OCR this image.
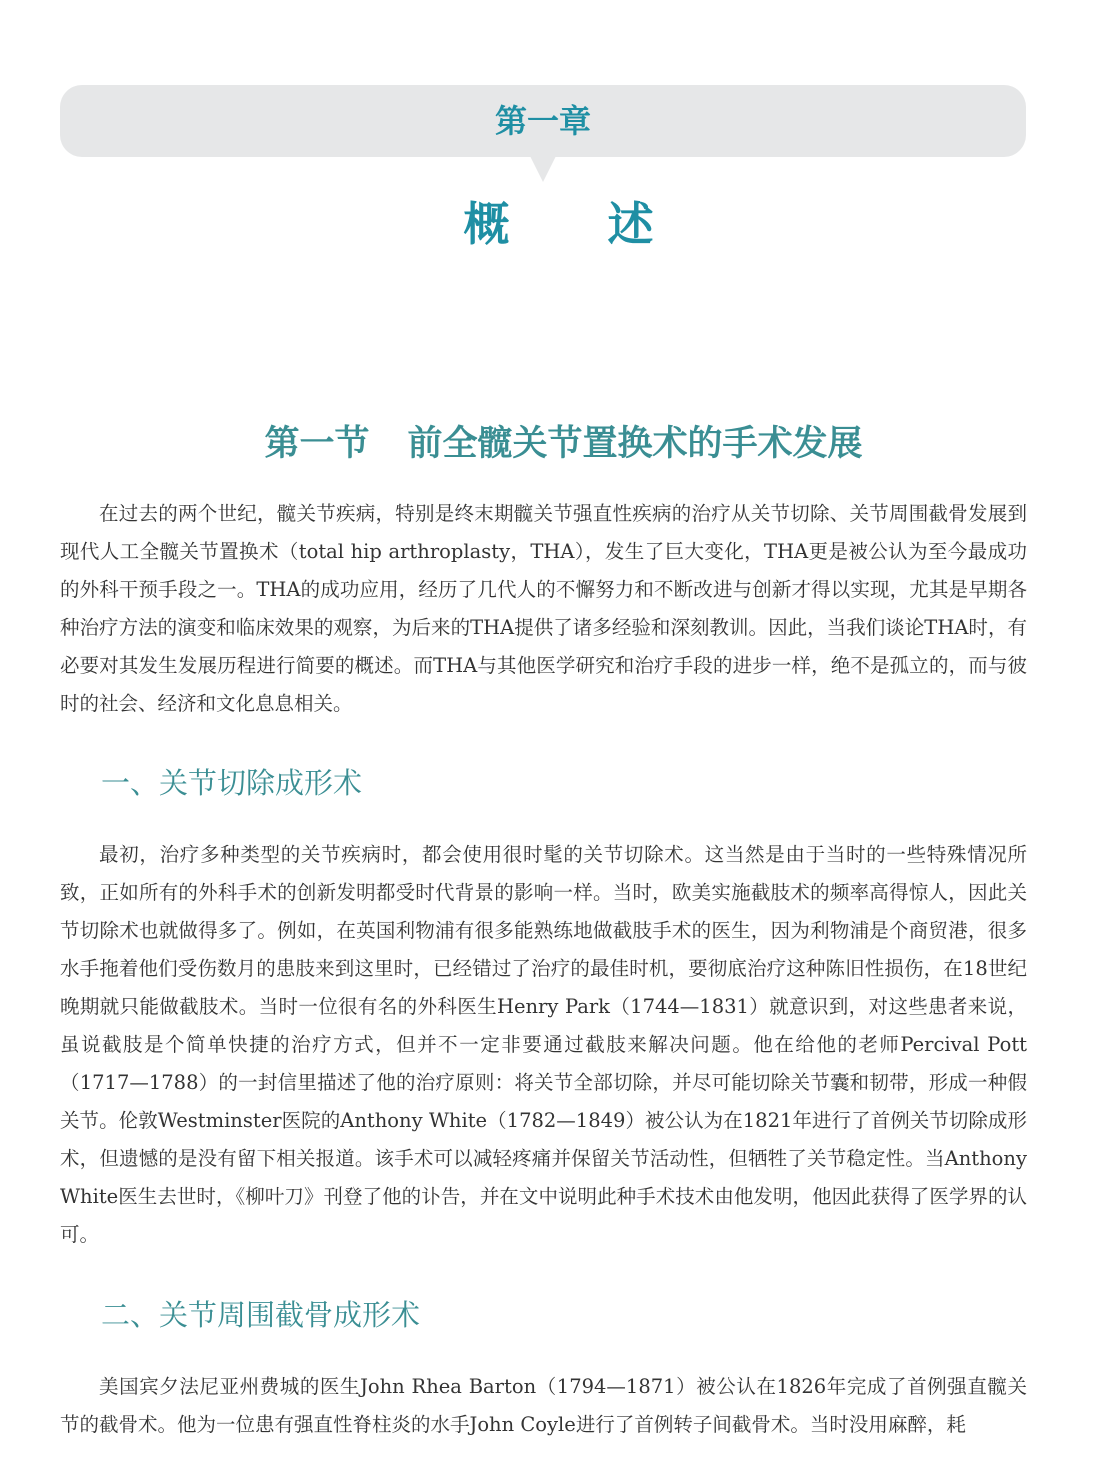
第一章
概 述
第一节 前全髋关节置换术的手术发展

在过去的两个世纪，髋关节疾病，特别是终末期髋关节强直性疾病的治疗从关节切除、关节周围截骨发展到现代人工全髋关节置换术（total hip arthroplasty，THA），发生了巨大变化，THA更是被公认为至今最成功的外科干预手段之一。THA的成功应用，经历了几代人的不懈努力和不断改进与创新才得以实现，尤其是早期各种治疗方法的演变和临床效果的观察，为后来的THA提供了诸多经验和深刻教训。因此，当我们谈论THA时，有必要对其发生发展历程进行简要的概述。而THA与其他医学研究和治疗手段的进步一样，绝不是孤立的，而与彼时的社会、经济和文化息息相关。

一、关节切除成形术

最初，治疗多种类型的关节疾病时，都会使用很时髦的关节切除术。这当然是由于当时的一些特殊情况所致，正如所有的外科手术的创新发明都受时代背景的影响一样。当时，欧美实施截肢术的频率高得惊人，因此关节切除术也就做得多了。例如，在英国利物浦有很多能熟练地做截肢手术的医生，因为利物浦是个商贸港，很多水手拖着他们受伤数月的患肢来到这里时，已经错过了治疗的最佳时机，要彻底治疗这种陈旧性损伤，在18世纪晚期就只能做截肢术。当时一位很有名的外科医生Henry Park（1744—1831）就意识到，对这些患者来说，虽说截肢是个简单快捷的治疗方式，但并不一定非要通过截肢来解决问题。他在给他的老师Percival Pott（1717—1788）的一封信里描述了他的治疗原则：将关节全部切除，并尽可能切除关节囊和韧带，形成一种假关节。伦敦Westminster医院的Anthony White（1782—1849）被公认为在1821年进行了首例关节切除成形术，但遗憾的是没有留下相关报道。该手术可以减轻疼痛并保留关节活动性，但牺牲了关节稳定性。当Anthony White医生去世时，《柳叶刀》刊登了他的讣告，并在文中说明此种手术技术由他发明，他因此获得了医学界的认可。

二、关节周围截骨成形术

美国宾夕法尼亚州费城的医生John Rhea Barton（1794—1871）被公认在1826年完成了首例强直髋关节的截骨术。他为一位患有强直性脊柱炎的水手John Coyle进行了首例转子间截骨术。当时没用麻醉，耗
